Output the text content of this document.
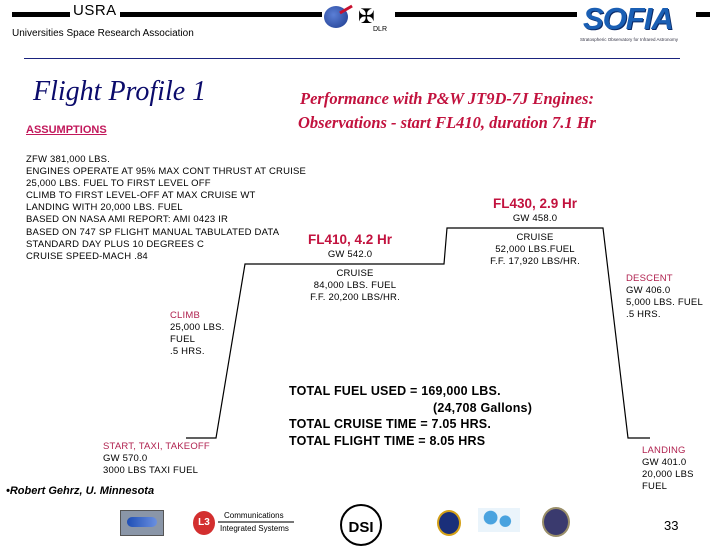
USRA
Universities Space Research Association
✠
DLR	SOFIA
Stratospheric Observatory for Infrared Astronomy
Flight Profile 1
ASSUMPTIONS
Performance with P&W JT9D-7J Engines:
Observations - start FL410, duration 7.1 Hr
ZFW 381,000 LBS.
ENGINES OPERATE AT 95% MAX CONT THRUST AT CRUISE
25,000 LBS. FUEL TO FIRST LEVEL OFF
CLIMB TO FIRST LEVEL-OFF AT MAX CRUISE WT
LANDING WITH 20,000 LBS. FUEL
BASED ON NASA AMI REPORT: AMI 0423 IR
BASED ON 747 SP FLIGHT MANUAL TABULATED DATA
STANDARD DAY PLUS 10 DEGREES C
CRUISE SPEED-MACH .84
FL410, 4.2 Hr
GW 542.0
FL430, 2.9 Hr
GW 458.0
CRUISE
84,000 LBS. FUEL
F.F. 20,200 LBS/HR.
CRUISE
52,000 LBS.FUEL
F.F. 17,920 LBS/HR.
CLIMB
25,000 LBS.
FUEL
.5 HRS.
DESCENT
GW 406.0
5,000 LBS. FUEL
.5 HRS.
START, TAXI, TAKEOFF
GW 570.0
3000 LBS TAXI FUEL
LANDING
GW 401.0
20,000 LBS
FUEL
TOTAL FUEL USED = 169,000 LBS.
(24,708 Gallons)
TOTAL CRUISE TIME = 7.05 HRS.
TOTAL FLIGHT TIME = 8.05 HRS
•Robert Gehrz, U. Minnesota
L3
Communications
Integrated Systems	DSI	33
